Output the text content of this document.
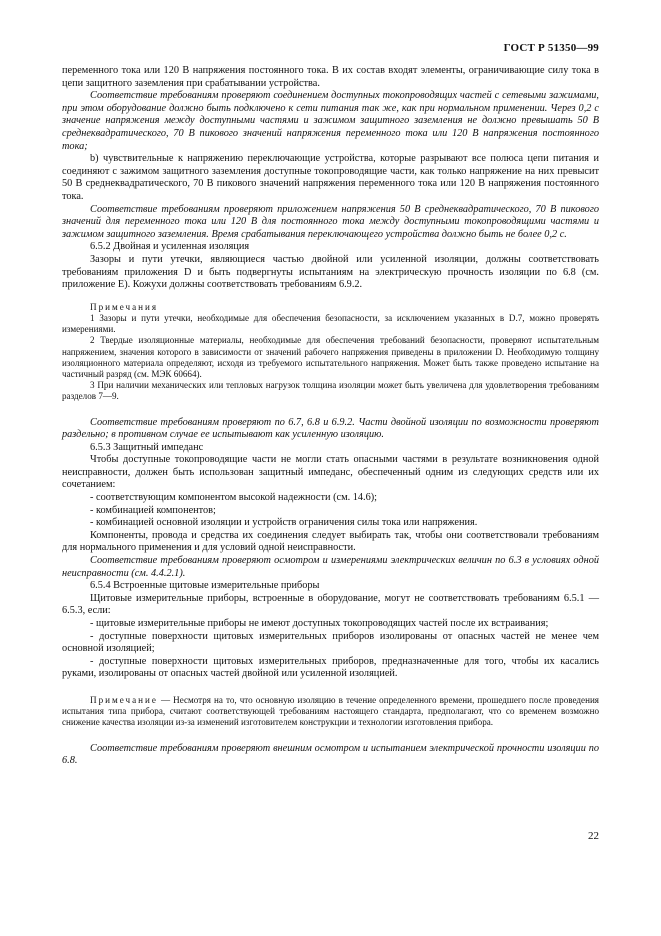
ГОСТ Р 51350—99

переменного тока или 120 В напряжения постоянного тока. В их состав входят элементы, ограничивающие силу тока в цепи защитного заземления при срабатывании устройства.

Соответствие требованиям проверяют соединением доступных токопроводящих частей с сетевыми зажимами, при этом оборудование должно быть подключено к сети питания так же, как при нормальном применении. Через 0,2 с значение напряжения между доступными частями и зажимом защитного заземления не должно превышать 50 В среднеквадратического, 70 В пикового значений напряжения переменного тока или 120 В напряжения постоянного тока;

b) чувствительные к напряжению переключающие устройства, которые разрывают все полюса цепи питания и соединяют с зажимом защитного заземления доступные токопроводящие части, как только напряжение на них превысит 50 В среднеквадратического, 70 В пикового значений напряжения переменного тока или 120 В напряжения постоянного тока.

Соответствие требованиям проверяют приложением напряжения 50 В среднеквадратического, 70 В пикового значений для переменного тока или 120 В для постоянного тока между доступными токопроводящими частями и зажимом защитного заземления. Время срабатывания переключающего устройства должно быть не более 0,2 с.

6.5.2 Двойная и усиленная изоляция

Зазоры и пути утечки, являющиеся частью двойной или усиленной изоляции, должны соответствовать требованиям приложения D и быть подвергнуты испытаниям на электрическую прочность изоляции по 6.8 (см. приложение Е). Кожухи должны соответствовать требованиям 6.9.2.

Примечания

1 Зазоры и пути утечки, необходимые для обеспечения безопасности, за исключением указанных в D.7, можно проверять измерениями.

2 Твердые изоляционные материалы, необходимые для обеспечения требований безопасности, проверяют испытательным напряжением, значения которого в зависимости от значений рабочего напряжения приведены в приложении D. Необходимую толщину изоляционного материала определяют, исходя из требуемого испытательного напряжения. Может быть также проведено испытание на частичный разряд (см. МЭК 60664).

3 При наличии механических или тепловых нагрузок толщина изоляции может быть увеличена для удовлетворения требованиям разделов 7—9.

Соответствие требованиям проверяют по 6.7, 6.8 и 6.9.2. Части двойной изоляции по возможности проверяют раздельно; в противном случае ее испытывают как усиленную изоляцию.

6.5.3 Защитный импеданс

Чтобы доступные токопроводящие части не могли стать опасными частями в результате возникновения одной неисправности, должен быть использован защитный импеданс, обеспеченный одним из следующих средств или их сочетанием:

- соответствующим компонентом высокой надежности (см. 14.6);

- комбинацией компонентов;

- комбинацией основной изоляции и устройств ограничения силы тока или напряжения.

Компоненты, провода и средства их соединения следует выбирать так, чтобы они соответствовали требованиям для нормального применения и для условий одной неисправности.

Соответствие требованиям проверяют осмотром и измерениями электрических величин по 6.3 в условиях одной неисправности (см. 4.4.2.1).

6.5.4 Встроенные щитовые измерительные приборы

Щитовые измерительные приборы, встроенные в оборудование, могут не соответствовать требованиям 6.5.1 — 6.5.3, если:

- щитовые измерительные приборы не имеют доступных токопроводящих частей после их встраивания;

- доступные поверхности щитовых измерительных приборов изолированы от опасных частей не менее чем основной изоляцией;

- доступные поверхности щитовых измерительных приборов, предназначенные для того, чтобы их касались руками, изолированы от опасных частей двойной или усиленной изоляцией.

Примечание — Несмотря на то, что основную изоляцию в течение определенного времени, прошедшего после проведения испытания типа прибора, считают соответствующей требованиям настоящего стандарта, предполагают, что со временем возможно снижение качества изоляции из-за изменений изготовителем конструкции и технологии изготовления прибора.

Соответствие требованиям проверяют внешним осмотром и испытанием электрической прочности изоляции по 6.8.

22
